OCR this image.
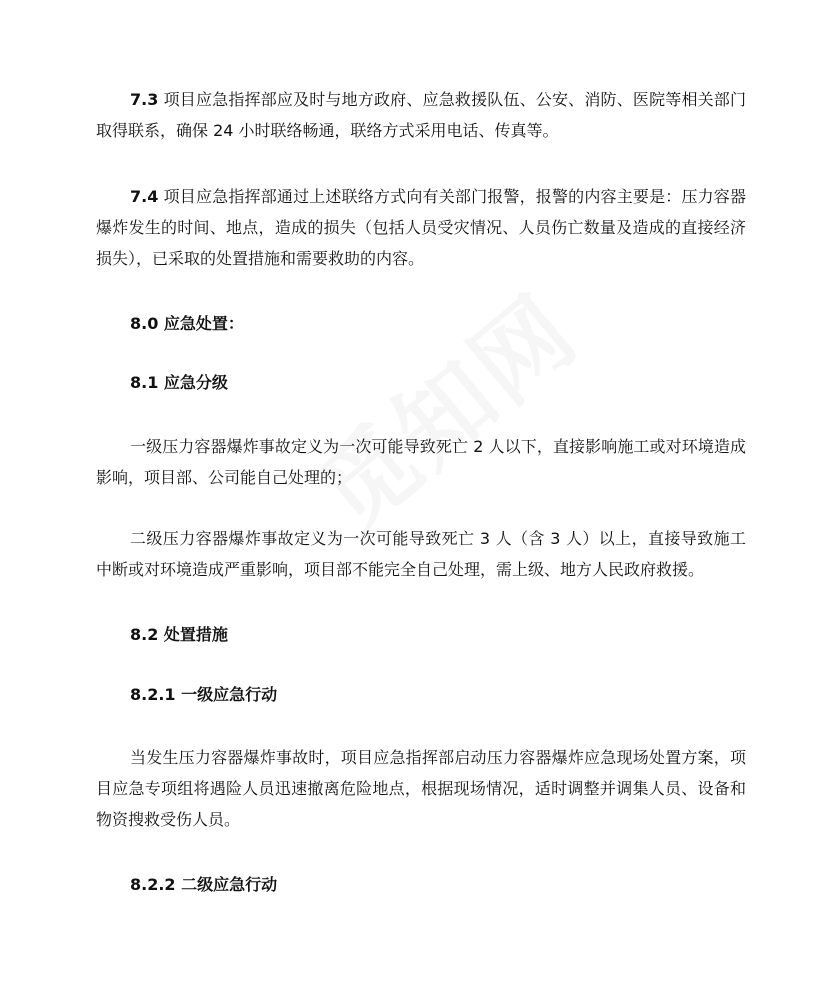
7.3 项目应急指挥部应及时与地方政府、应急救援队伍、公安、消防、医院等相关部门取得联系，确保 24 小时联络畅通，联络方式采用电话、传真等。

7.4 项目应急指挥部通过上述联络方式向有关部门报警，报警的内容主要是：压力容器爆炸发生的时间、地点，造成的损失（包括人员受灾情况、人员伤亡数量及造成的直接经济损失），已采取的处置措施和需要救助的内容。

8.0 应急处置：

8.1 应急分级

一级压力容器爆炸事故定义为一次可能导致死亡 2 人以下，直接影响施工或对环境造成影响，项目部、公司能自己处理的；

二级压力容器爆炸事故定义为一次可能导致死亡 3 人（含 3 人）以上，直接导致施工中断或对环境造成严重影响，项目部不能完全自己处理，需上级、地方人民政府救援。

8.2 处置措施

8.2.1 一级应急行动

当发生压力容器爆炸事故时，项目应急指挥部启动压力容器爆炸应急现场处置方案，项目应急专项组将遇险人员迅速撤离危险地点，根据现场情况，适时调整并调集人员、设备和物资搜救受伤人员。

8.2.2 二级应急行动
